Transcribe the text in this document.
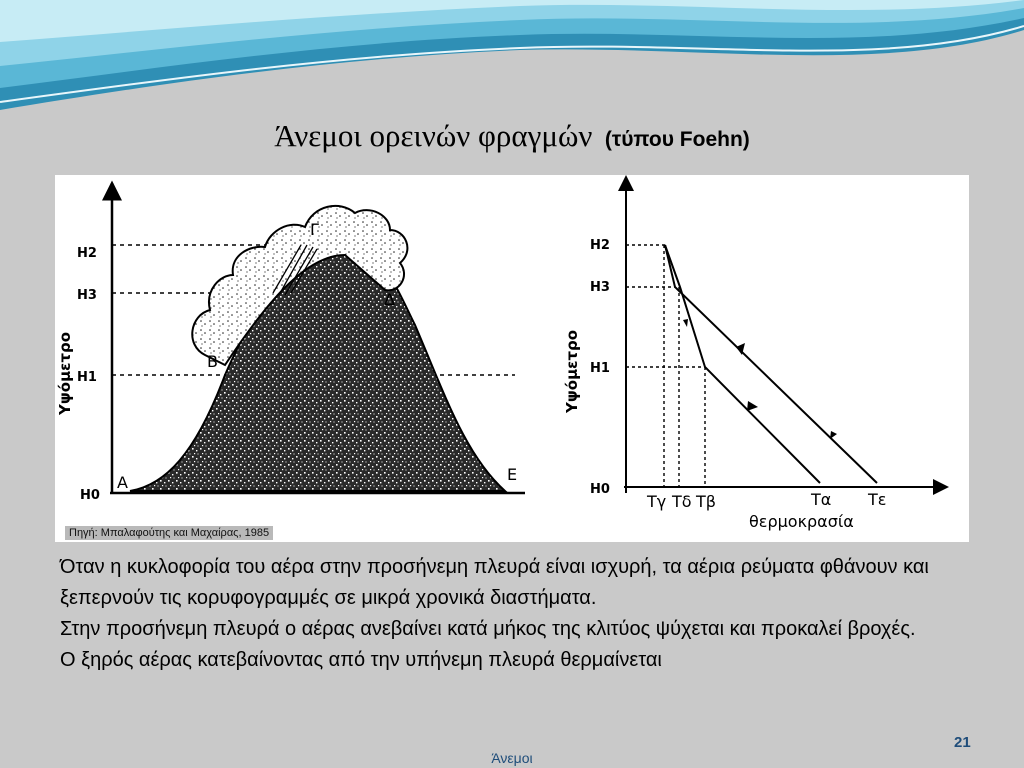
Άνεμοι ορεινών φραγμών (τύπου Foehn)
H2
H3
H1
H0
Υψόμετρο
A
B
Γ
Δ
E
H2
H3
H1
H0
Υψόμετρο
Τγ Τδ Τβ	Τα Τε
θερμοκρασία
Πηγή: Μπαλαφούτης και Μαχαίρας, 1985

Όταν η κυκλοφορία του αέρα στην προσήνεμη πλευρά είναι ισχυρή, τα αέρια ρεύματα φθάνουν και ξεπερνούν τις κορυφογραμμές σε μικρά χρονικά διαστήματα.

Στην προσήνεμη πλευρά ο αέρας ανεβαίνει κατά μήκος της κλιτύος ψύχεται και προκαλεί βροχές.

Ο ξηρός αέρας κατεβαίνοντας από την υπήνεμη πλευρά θερμαίνεται

21
Άνεμοι
